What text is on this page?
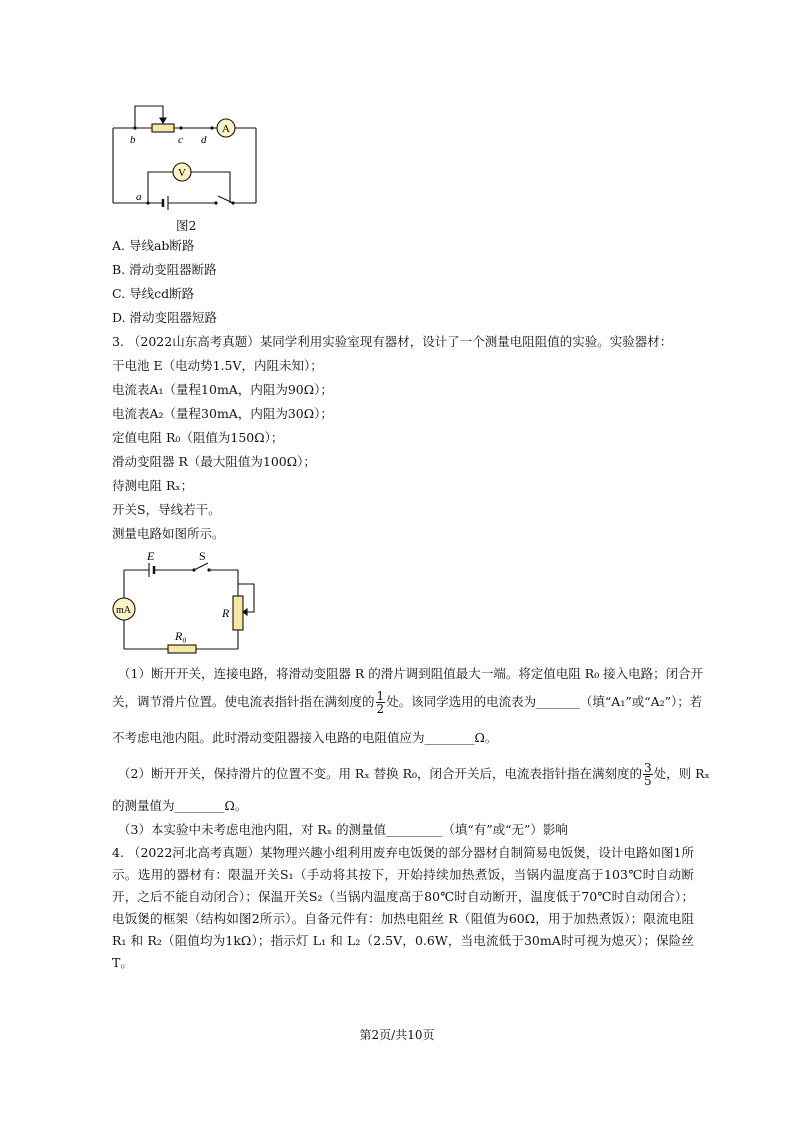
b	c d
a
A
V
图2
A. 导线ab断路
B. 滑动变阻器断路
C. 导线cd断路
D. 滑动变阻器短路
3. （2022山东高考真题）某同学利用实验室现有器材，设计了一个测量电阻阻值的实验。实验器材：
干电池 E（电动势1.5V，内阻未知）；
电流表A₁（量程10mA，内阻为90Ω）；
电流表A₂（量程30mA，内阻为30Ω）；
定值电阻 R₀（阻值为150Ω）；
滑动变阻器 R（最大阻值为100Ω）；
待测电阻 Rₓ；
开关S，导线若干。
测量电路如图所示。
E	S
R
R₀
mA
（1）断开开关，连接电路，将滑动变阻器 R 的滑片调到阻值最大一端。将定值电阻 R₀ 接入电路；闭合开
关，调节滑片位置。使电流表指针指在满刻度的 $\frac{1}{2}$ 处。该同学选用的电流表为_______（填“A₁”或“A₂”）；若
不考虑电池内阻。此时滑动变阻器接入电路的电阻值应为________Ω。
（2）断开开关，保持滑片的位置不变。用 Rₓ 替换 R₀，闭合开关后，电流表指针指在满刻度的 $\frac{3}{5}$ 处，则 Rₓ
的测量值为________Ω。
（3）本实验中未考虑电池内阻，对 Rₓ 的测量值_________（填“有”或“无”）影响
4. （2022河北高考真题）某物理兴趣小组利用废弃电饭煲的部分器材自制简易电饭煲，设计电路如图1所示。选用的器材有：限温开关S₁（手动将其按下，开始持续加热煮饭，当锅内温度高于103℃时自动断开，之后不能自动闭合）；保温开关S₂（当锅内温度高于80℃时自动断开，温度低于70℃时自动闭合）；电饭煲的框架（结构如图2所示）。自备元件有：加热电阻丝 R（阻值为60Ω，用于加热煮饭）；限流电阻 R₁ 和 R₂（阻值均为1kΩ）；指示灯 L₁ 和 L₂（2.5V，0.6W，当电流低于30mA时可视为熄灭）；保险丝 T。
第2页/共10页
